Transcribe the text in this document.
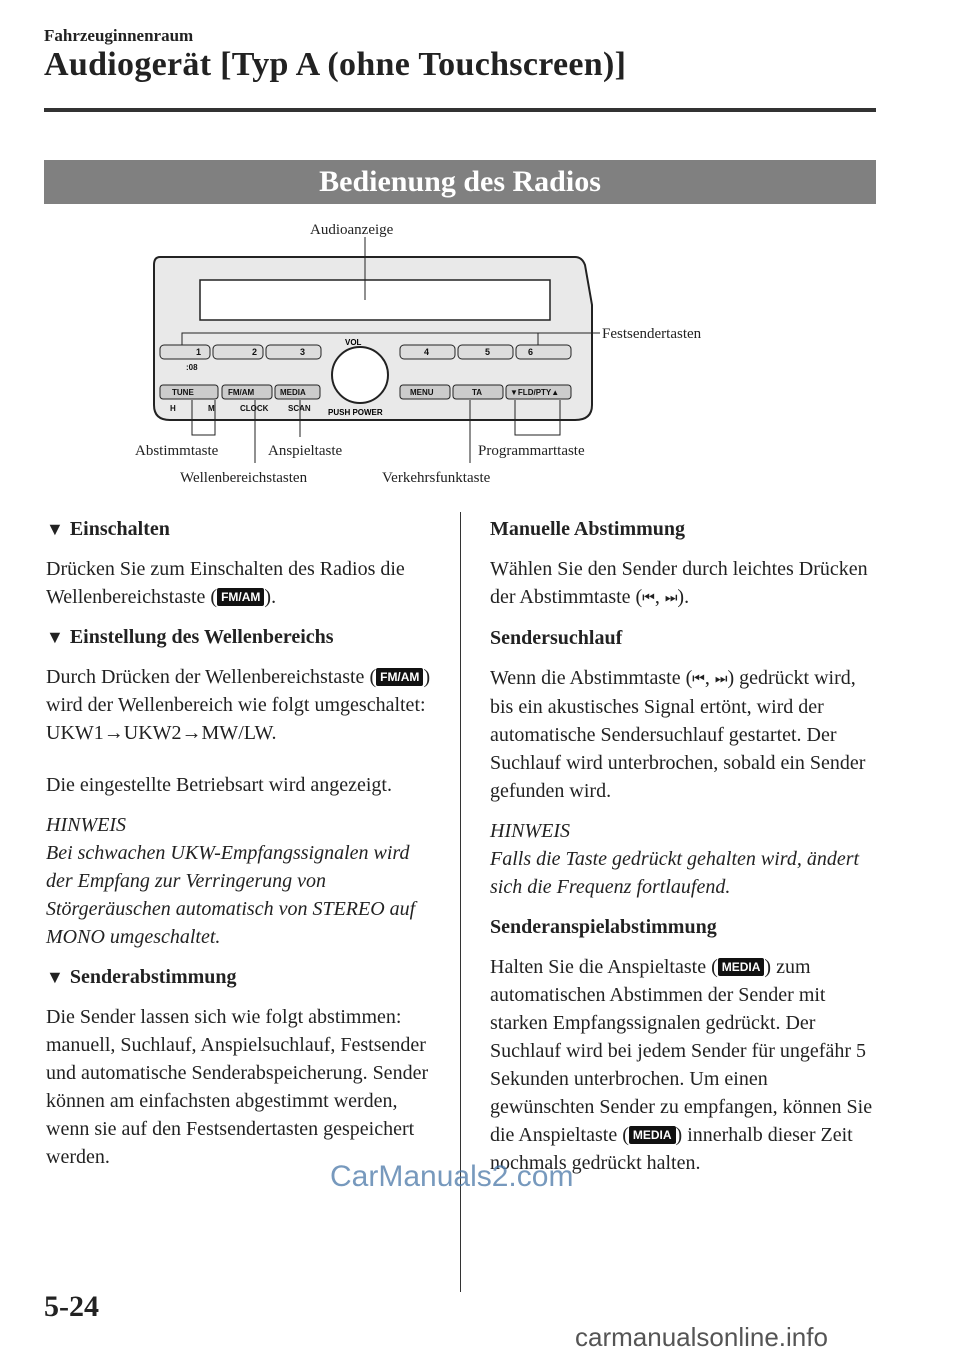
Fahrzeuginnenraum
Audiogerät [Typ A (ohne Touchscreen)]
Bedienung des Radios
1	2	3	4	5	6
:08
VOL
PUSH POWER
TUNE	FM/AM	MEDIA	MENU	TA	▼FLD/PTY▲
H	M	CLOCK SCAN
Audioanzeige
Festsendertasten
Abstimmtaste	Anspieltaste	Programmarttaste
Wellenbereichstasten	Verkehrsfunktaste
▼ Einschalten

Drücken Sie zum Einschalten des Radios die Wellenbereichstaste ( FM/AM ).

▼ Einstellung des Wellenbereichs

Durch Drücken der Wellenbereichstaste ( FM/AM ) wird der Wellenbereich wie folgt umgeschaltet:
UKW1→UKW2→MW/LW.

Die eingestellte Betriebsart wird angezeigt.

HINWEIS

Bei schwachen UKW-Empfangssignalen wird der Empfang zur Verringerung von Störgeräuschen automatisch von STEREO auf MONO umgeschaltet.

▼ Senderabstimmung

Die Sender lassen sich wie folgt abstimmen: manuell, Suchlauf, Anspielsuchlauf, Festsender und automatische Senderabspeicherung. Sender können am einfachsten abgestimmt werden, wenn sie auf den Festsendertasten gespeichert werden.

Manuelle Abstimmung

Wählen Sie den Sender durch leichtes Drücken der Abstimmtaste (⏮, ⏭).

Sendersuchlauf

Wenn die Abstimmtaste (⏮, ⏭) gedrückt wird, bis ein akustisches Signal ertönt, wird der automatische Sendersuchlauf gestartet. Der Suchlauf wird unterbrochen, sobald ein Sender gefunden wird.

HINWEIS

Falls die Taste gedrückt gehalten wird, ändert sich die Frequenz fortlaufend.

Senderanspielabstimmung

Halten Sie die Anspieltaste ( MEDIA ) zum automatischen Abstimmen der Sender mit starken Empfangssignalen gedrückt. Der Suchlauf wird bei jedem Sender für ungefähr 5 Sekunden unterbrochen. Um einen gewünschten Sender zu empfangen, können Sie die Anspieltaste ( MEDIA ) innerhalb dieser Zeit nochmals gedrückt halten.

5-24
CarManuals2.com
carmanualsonline.info
